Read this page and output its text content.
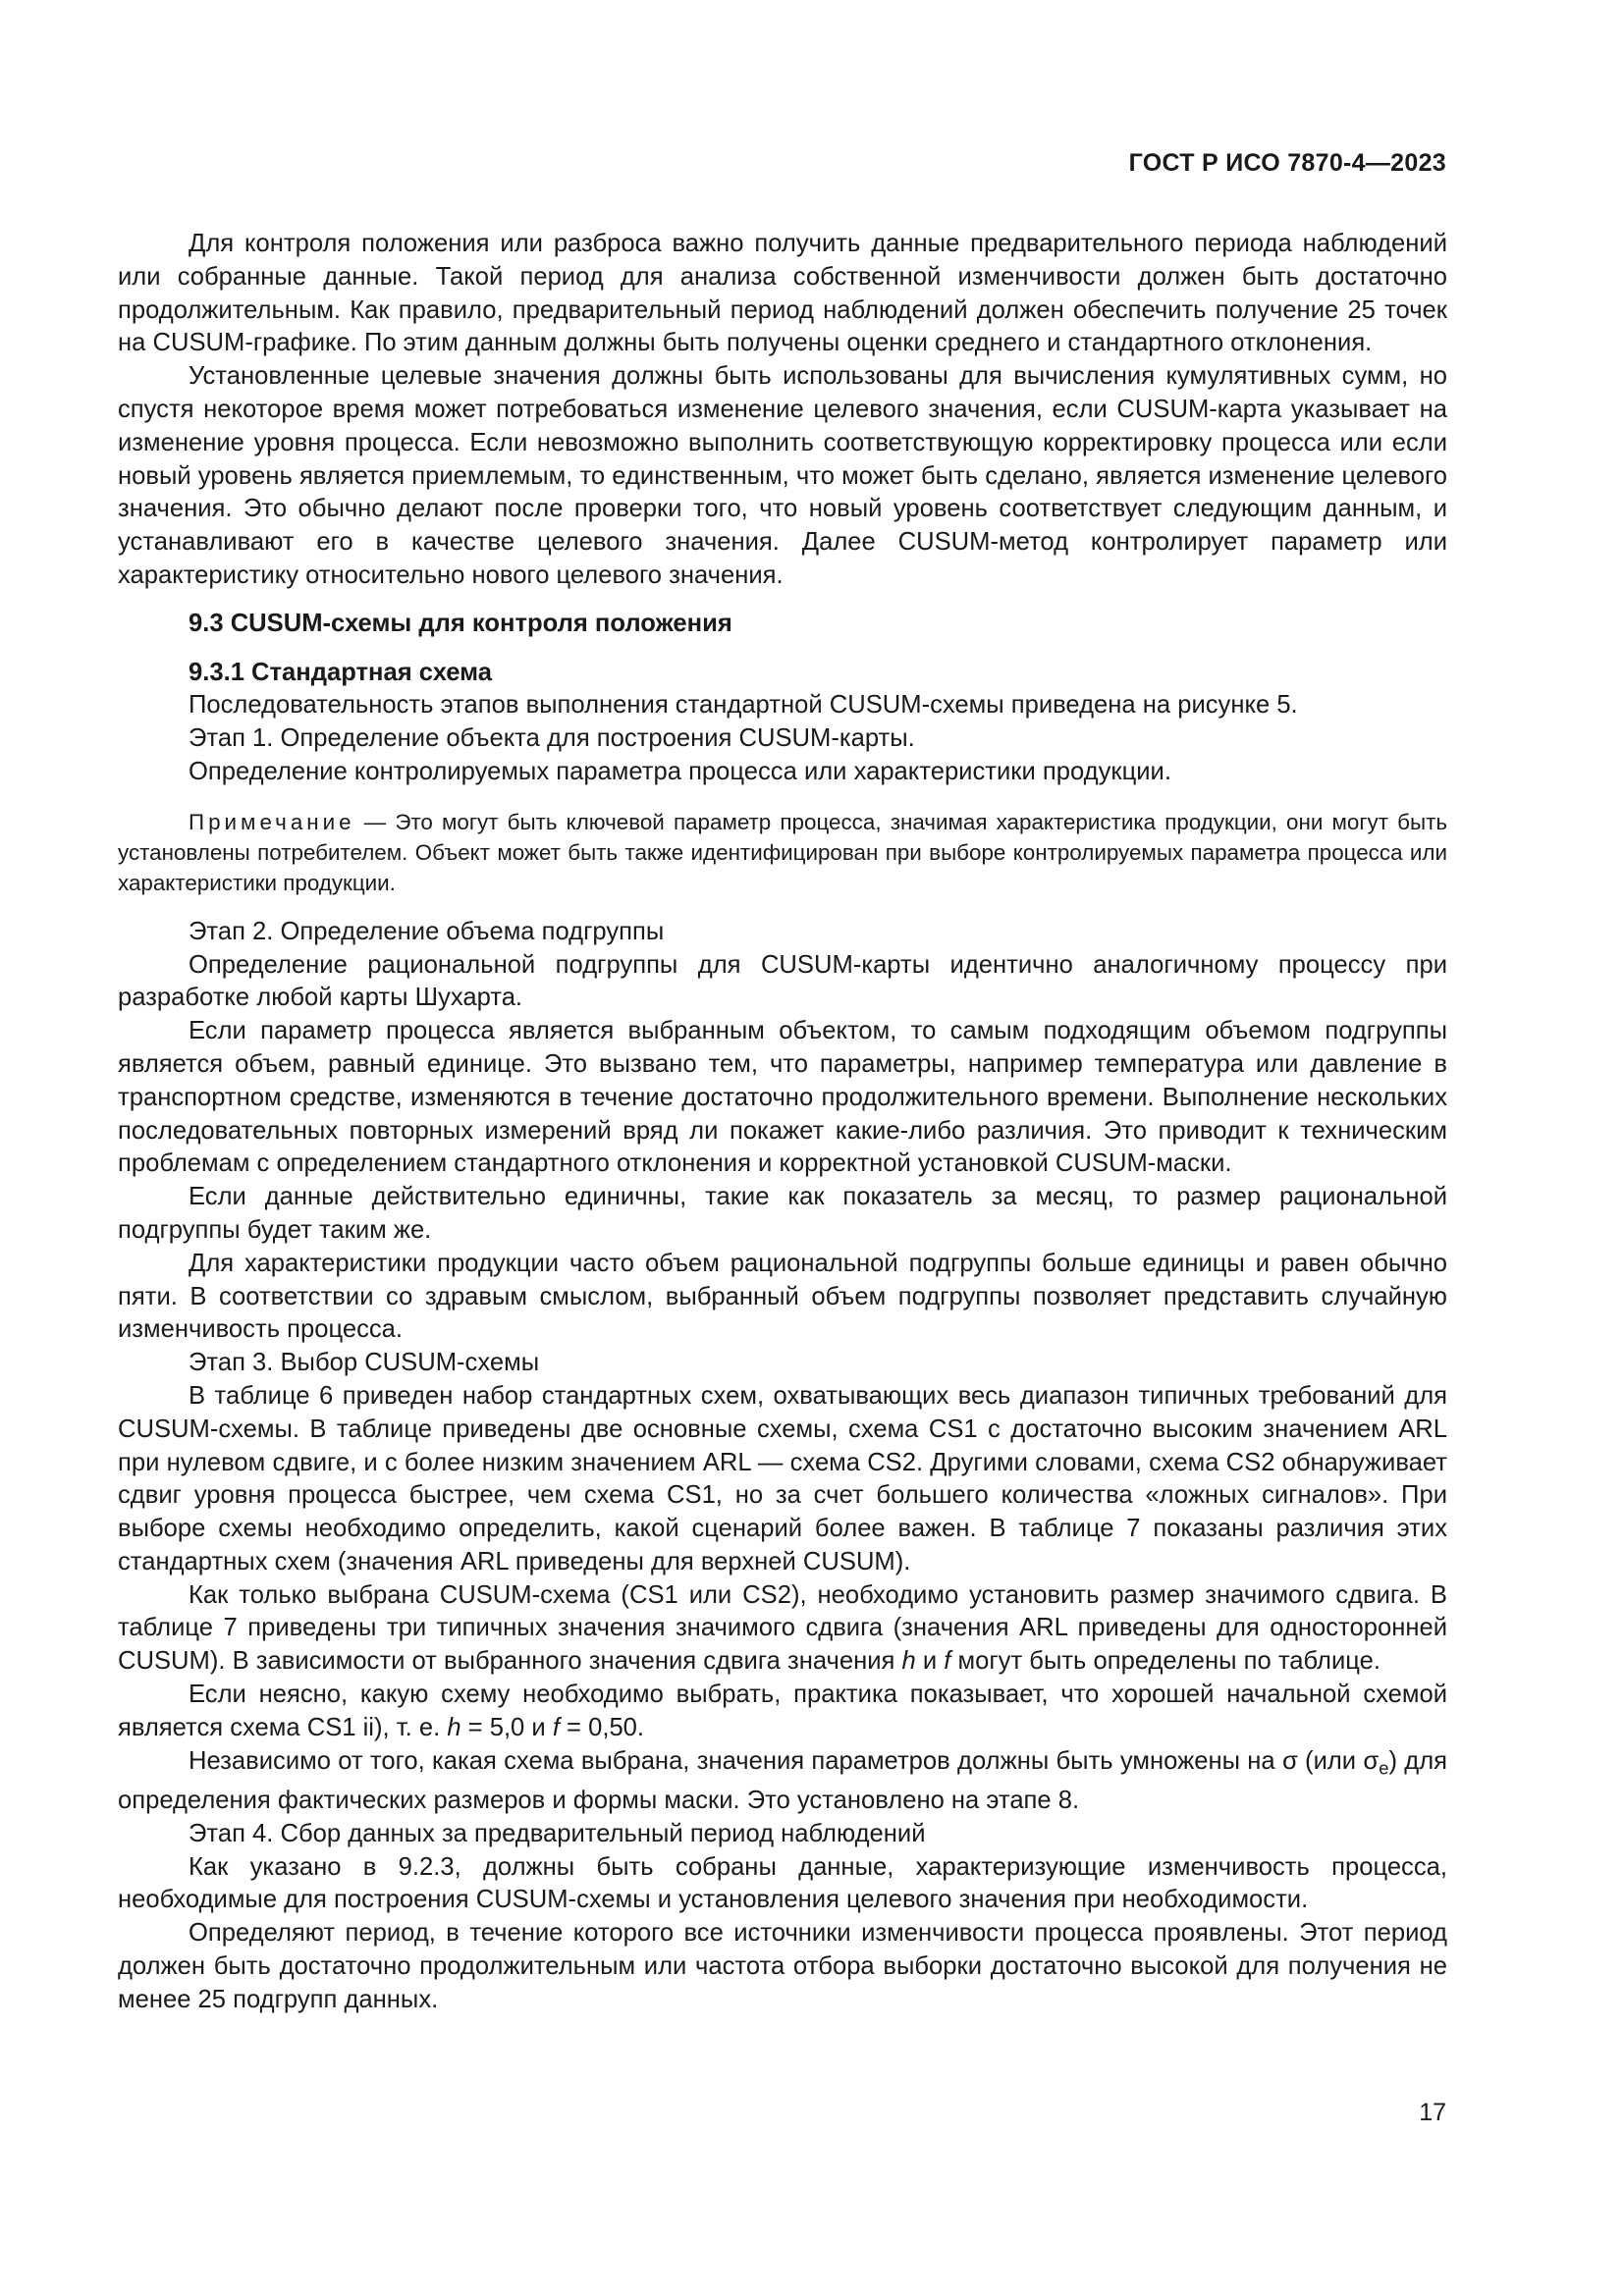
ГОСТ Р ИСО 7870-4—2023

Для контроля положения или разброса важно получить данные предварительного периода наблюдений или собранные данные. Такой период для анализа собственной изменчивости должен быть достаточно продолжительным. Как правило, предварительный период наблюдений должен обеспечить получение 25 точек на CUSUM-графике. По этим данным должны быть получены оценки среднего и стандартного отклонения.

Установленные целевые значения должны быть использованы для вычисления кумулятивных сумм, но спустя некоторое время может потребоваться изменение целевого значения, если CUSUM-карта указывает на изменение уровня процесса. Если невозможно выполнить соответствующую корректировку процесса или если новый уровень является приемлемым, то единственным, что может быть сделано, является изменение целевого значения. Это обычно делают после проверки того, что новый уровень соответствует следующим данным, и устанавливают его в качестве целевого значения. Далее CUSUM-метод контролирует параметр или характеристику относительно нового целевого значения.

9.3 CUSUM-схемы для контроля положения
9.3.1 Стандартная схема

Последовательность этапов выполнения стандартной CUSUM-схемы приведена на рисунке 5.

Этап 1. Определение объекта для построения CUSUM-карты.

Определение контролируемых параметра процесса или характеристики продукции.

Примечание — Это могут быть ключевой параметр процесса, значимая характеристика продукции, они могут быть установлены потребителем. Объект может быть также идентифицирован при выборе контролируемых параметра процесса или характеристики продукции.

Этап 2. Определение объема подгруппы

Определение рациональной подгруппы для CUSUM-карты идентично аналогичному процессу при разработке любой карты Шухарта.

Если параметр процесса является выбранным объектом, то самым подходящим объемом подгруппы является объем, равный единице. Это вызвано тем, что параметры, например температура или давление в транспортном средстве, изменяются в течение достаточно продолжительного времени. Выполнение нескольких последовательных повторных измерений вряд ли покажет какие-либо различия. Это приводит к техническим проблемам с определением стандартного отклонения и корректной установкой CUSUM-маски.

Если данные действительно единичны, такие как показатель за месяц, то размер рациональной подгруппы будет таким же.

Для характеристики продукции часто объем рациональной подгруппы больше единицы и равен обычно пяти. В соответствии со здравым смыслом, выбранный объем подгруппы позволяет представить случайную изменчивость процесса.

Этап 3. Выбор CUSUM-схемы

В таблице 6 приведен набор стандартных схем, охватывающих весь диапазон типичных требований для CUSUM-схемы. В таблице приведены две основные схемы, схема CS1 с достаточно высоким значением ARL при нулевом сдвиге, и с более низким значением ARL — схема CS2. Другими словами, схема CS2 обнаруживает сдвиг уровня процесса быстрее, чем схема CS1, но за счет большего количества «ложных сигналов». При выборе схемы необходимо определить, какой сценарий более важен. В таблице 7 показаны различия этих стандартных схем (значения ARL приведены для верхней CUSUM).

Как только выбрана CUSUM-схема (CS1 или CS2), необходимо установить размер значимого сдвига. В таблице 7 приведены три типичных значения значимого сдвига (значения ARL приведены для односторонней CUSUM). В зависимости от выбранного значения сдвига значения h и f могут быть определены по таблице.

Если неясно, какую схему необходимо выбрать, практика показывает, что хорошей начальной схемой является схема CS1 ii), т. е. h = 5,0 и f = 0,50.

Независимо от того, какая схема выбрана, значения параметров должны быть умножены на σ (или $\sigma_e$) для определения фактических размеров и формы маски. Это установлено на этапе 8.

Этап 4. Сбор данных за предварительный период наблюдений

Как указано в 9.2.3, должны быть собраны данные, характеризующие изменчивость процесса, необходимые для построения CUSUM-схемы и установления целевого значения при необходимости.

Определяют период, в течение которого все источники изменчивости процесса проявлены. Этот период должен быть достаточно продолжительным или частота отбора выборки достаточно высокой для получения не менее 25 подгрупп данных.

17
